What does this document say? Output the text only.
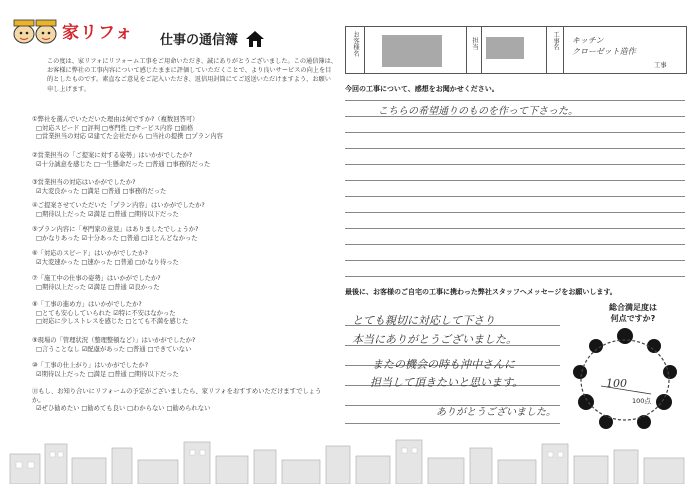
家リフォ 仕事の通信簿
この度は、家リフォにリフォーム工事をご用命いただき、誠にありがとうございました。この通信簿は、お客様に弊社の工事内容について感じたままに評価していただくことで、より良いサービスの向上を目的としたものです。素直なご意見をご記入いただき、返信用封筒にてご返送いただけますよう、お願い申し上げます。
①弊社を選んでいただいた理由は何ですか?（複数回答可）
□対応スピード □評判 □専門性 □サービス内容 □価格
□営業担当の対応 ☑建てた会社だから □当社の提携 □プラン内容
②営業担当の「ご提案に対する姿勢」はいかがでしたか?
☑十分誠意を感じた □一生懸命だった □普通 □事務的だった
③営業担当の対応はいかがでしたか?
☑大変良かった □満足 □普通 □事務的だった
④ご提案させていただいた「プラン内容」はいかがでしたか?
□期待以上だった ☑満足 □普通 □期待以下だった
⑤プラン内容に「専門家の意見」はありましたでしょうか?
□かなりあった ☑十分あった □普通 □ほとんどなかった
⑥「対応のスピード」はいかがでしたか?
☑大変速かった □速かった □普通 □かなり待った
⑦「施工中の仕事の姿勢」はいかがでしたか?
□期待以上だった ☑満足 □普通 ☑良かった
⑧「工事の進め方」はいかがでしたか?
□とても安心していられた ☑特に不安はなかった
□対応に少しストレスを感じた □とても不満を感じた
⑨現場の「管理状況（整理整頓など）」はいかがでしたか?
□言うことなし ☑配慮があった □普通 □できていない
⑩「工事の仕上がり」はいかがでしたか?
☑期待以上だった □満足 □普通 □期待以下だった
⑪もし、お知り合いにリフォームの予定がございましたら、家リフォをおすすめいただけますでしょうか。
☑ぜひ勧めたい □勧めても良い □わからない □勧められない
お客様名	担当	工事名 キッチン
クローゼット造作
工事
今回の工事について、感想をお聞かせください。
こちらの希望通りのものを作って下さった。
最後に、お客様のご自宅の工事に携わった弊社スタッフへメッセージをお願いします。
とても親切に対応して下さり
本当にありがとうございました。
またの機会の時も沖中さんに
担当して頂きたいと思います。
ありがとうございました。
総合満足度は
何点ですか?
100
100点
